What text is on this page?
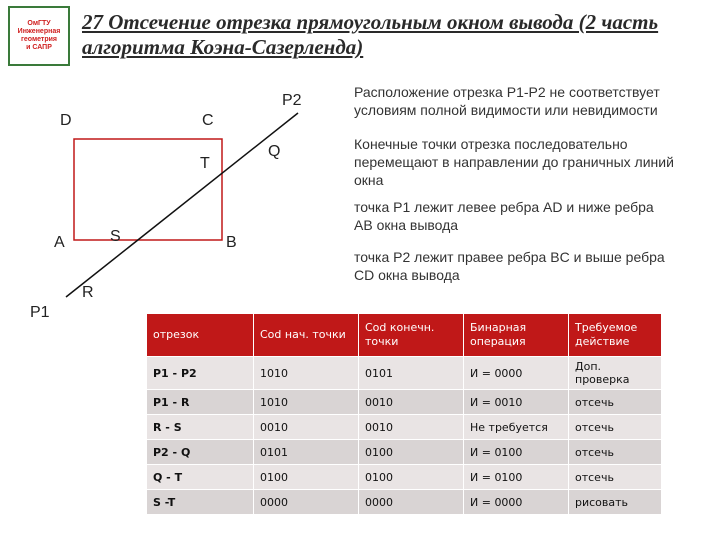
ОмГТУ
Инженерная
геометрия
и САПР
27 Отсечение отрезка прямоугольным окном вывода (2 часть алгоритма Коэна-Сазерленда)
P2
D	C
Q
T
A	S	B
R
P1
Расположение отрезка P1-P2 не соответствует условиям полной видимости или невидимости
Конечные точки отрезка последовательно перемещают в направлении до граничных линий окна
точка P1 лежит левее ребра AD и ниже ребра AB окна вывода
точка P2 лежит правее ребра BC и выше ребра CD окна вывода
отрезок	Cod нач. точки	Cod конечн. точки	Бинарная операция	Требуемое действие
P1 - P2	1010	0101	И = 0000	Доп. проверка
P1 - R	1010	0010	И = 0010	отсечь
R - S	0010	0010	Не требуется	отсечь
P2 - Q	0101	0100	И = 0100	отсечь
Q - T	0100	0100	И = 0100	отсечь
S -T	0000	0000	И = 0000	рисовать
